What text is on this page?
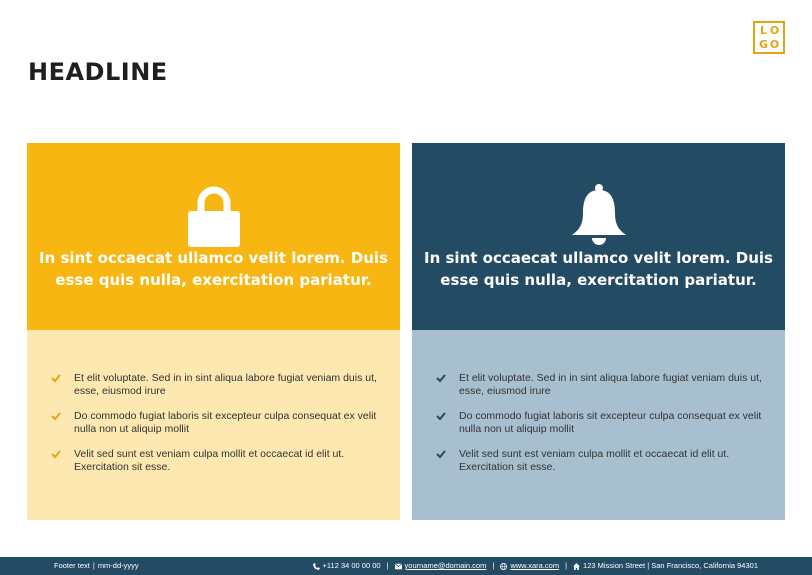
HEADLINE
L O
G O
In sint occaecat ullamco velit lorem. Duis esse quis nulla, exercitation pariatur.
Et elit voluptate. Sed in in sint aliqua labore fugiat veniam duis ut, esse, eiusmod irure
Do commodo fugiat laboris sit excepteur culpa consequat ex velit nulla non ut aliquip mollit
Velit sed sunt est veniam culpa mollit et occaecat id elit ut. Exercitation sit esse.
In sint occaecat ullamco velit lorem. Duis esse quis nulla, exercitation pariatur.
Et elit voluptate. Sed in in sint aliqua labore fugiat veniam duis ut, esse, eiusmod irure
Do commodo fugiat laboris sit excepteur culpa consequat ex velit nulla non ut aliquip mollit
Velit sed sunt est veniam culpa mollit et occaecat id elit ut. Exercitation sit esse.
Footer text | mm-dd-yyyy	+112 34 00 00 00 |	yourname@domain.com |	www.xara.com |	123 Mission Street | San Francisco, California 94301
